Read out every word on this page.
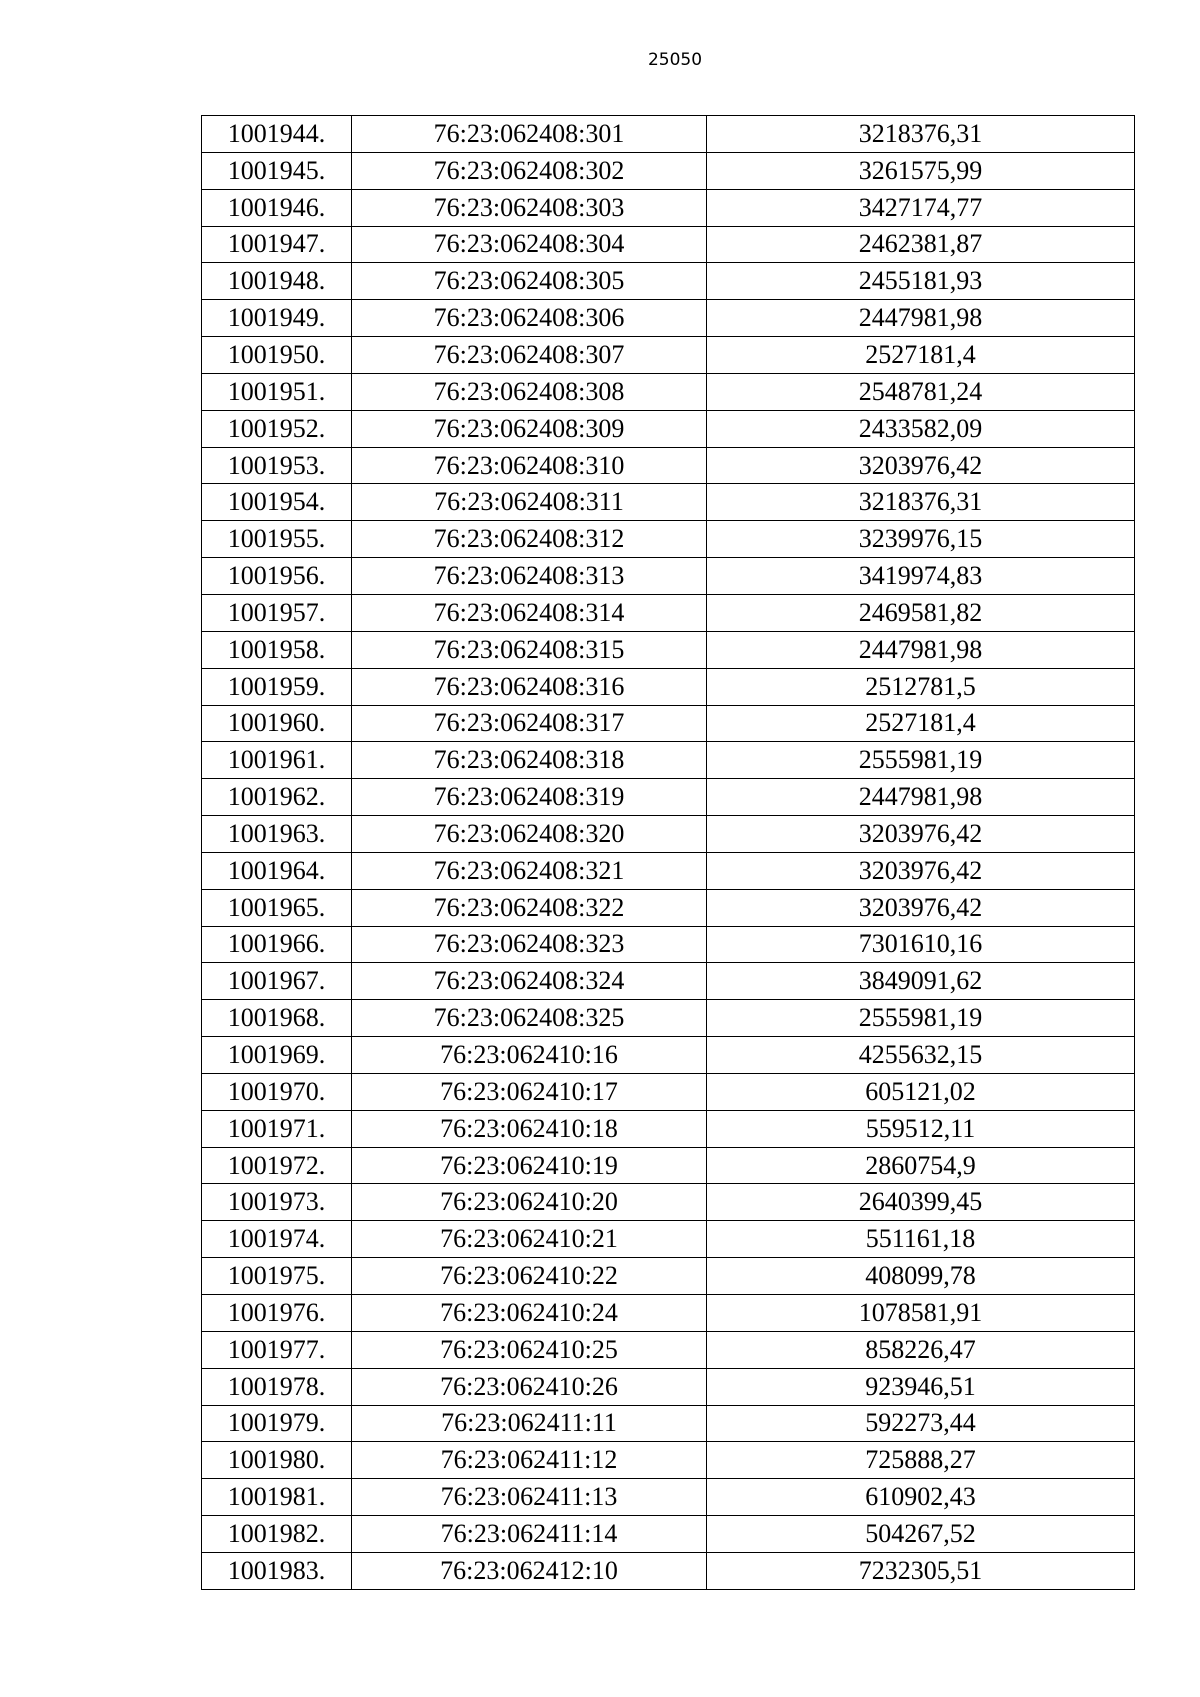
25050
1001944.	76:23:062408:301	3218376,31
1001945.	76:23:062408:302	3261575,99
1001946.	76:23:062408:303	3427174,77
1001947.	76:23:062408:304	2462381,87
1001948.	76:23:062408:305	2455181,93
1001949.	76:23:062408:306	2447981,98
1001950.	76:23:062408:307	2527181,4
1001951.	76:23:062408:308	2548781,24
1001952.	76:23:062408:309	2433582,09
1001953.	76:23:062408:310	3203976,42
1001954.	76:23:062408:311	3218376,31
1001955.	76:23:062408:312	3239976,15
1001956.	76:23:062408:313	3419974,83
1001957.	76:23:062408:314	2469581,82
1001958.	76:23:062408:315	2447981,98
1001959.	76:23:062408:316	2512781,5
1001960.	76:23:062408:317	2527181,4
1001961.	76:23:062408:318	2555981,19
1001962.	76:23:062408:319	2447981,98
1001963.	76:23:062408:320	3203976,42
1001964.	76:23:062408:321	3203976,42
1001965.	76:23:062408:322	3203976,42
1001966.	76:23:062408:323	7301610,16
1001967.	76:23:062408:324	3849091,62
1001968.	76:23:062408:325	2555981,19
1001969.	76:23:062410:16	4255632,15
1001970.	76:23:062410:17	605121,02
1001971.	76:23:062410:18	559512,11
1001972.	76:23:062410:19	2860754,9
1001973.	76:23:062410:20	2640399,45
1001974.	76:23:062410:21	551161,18
1001975.	76:23:062410:22	408099,78
1001976.	76:23:062410:24	1078581,91
1001977.	76:23:062410:25	858226,47
1001978.	76:23:062410:26	923946,51
1001979.	76:23:062411:11	592273,44
1001980.	76:23:062411:12	725888,27
1001981.	76:23:062411:13	610902,43
1001982.	76:23:062411:14	504267,52
1001983.	76:23:062412:10	7232305,51
